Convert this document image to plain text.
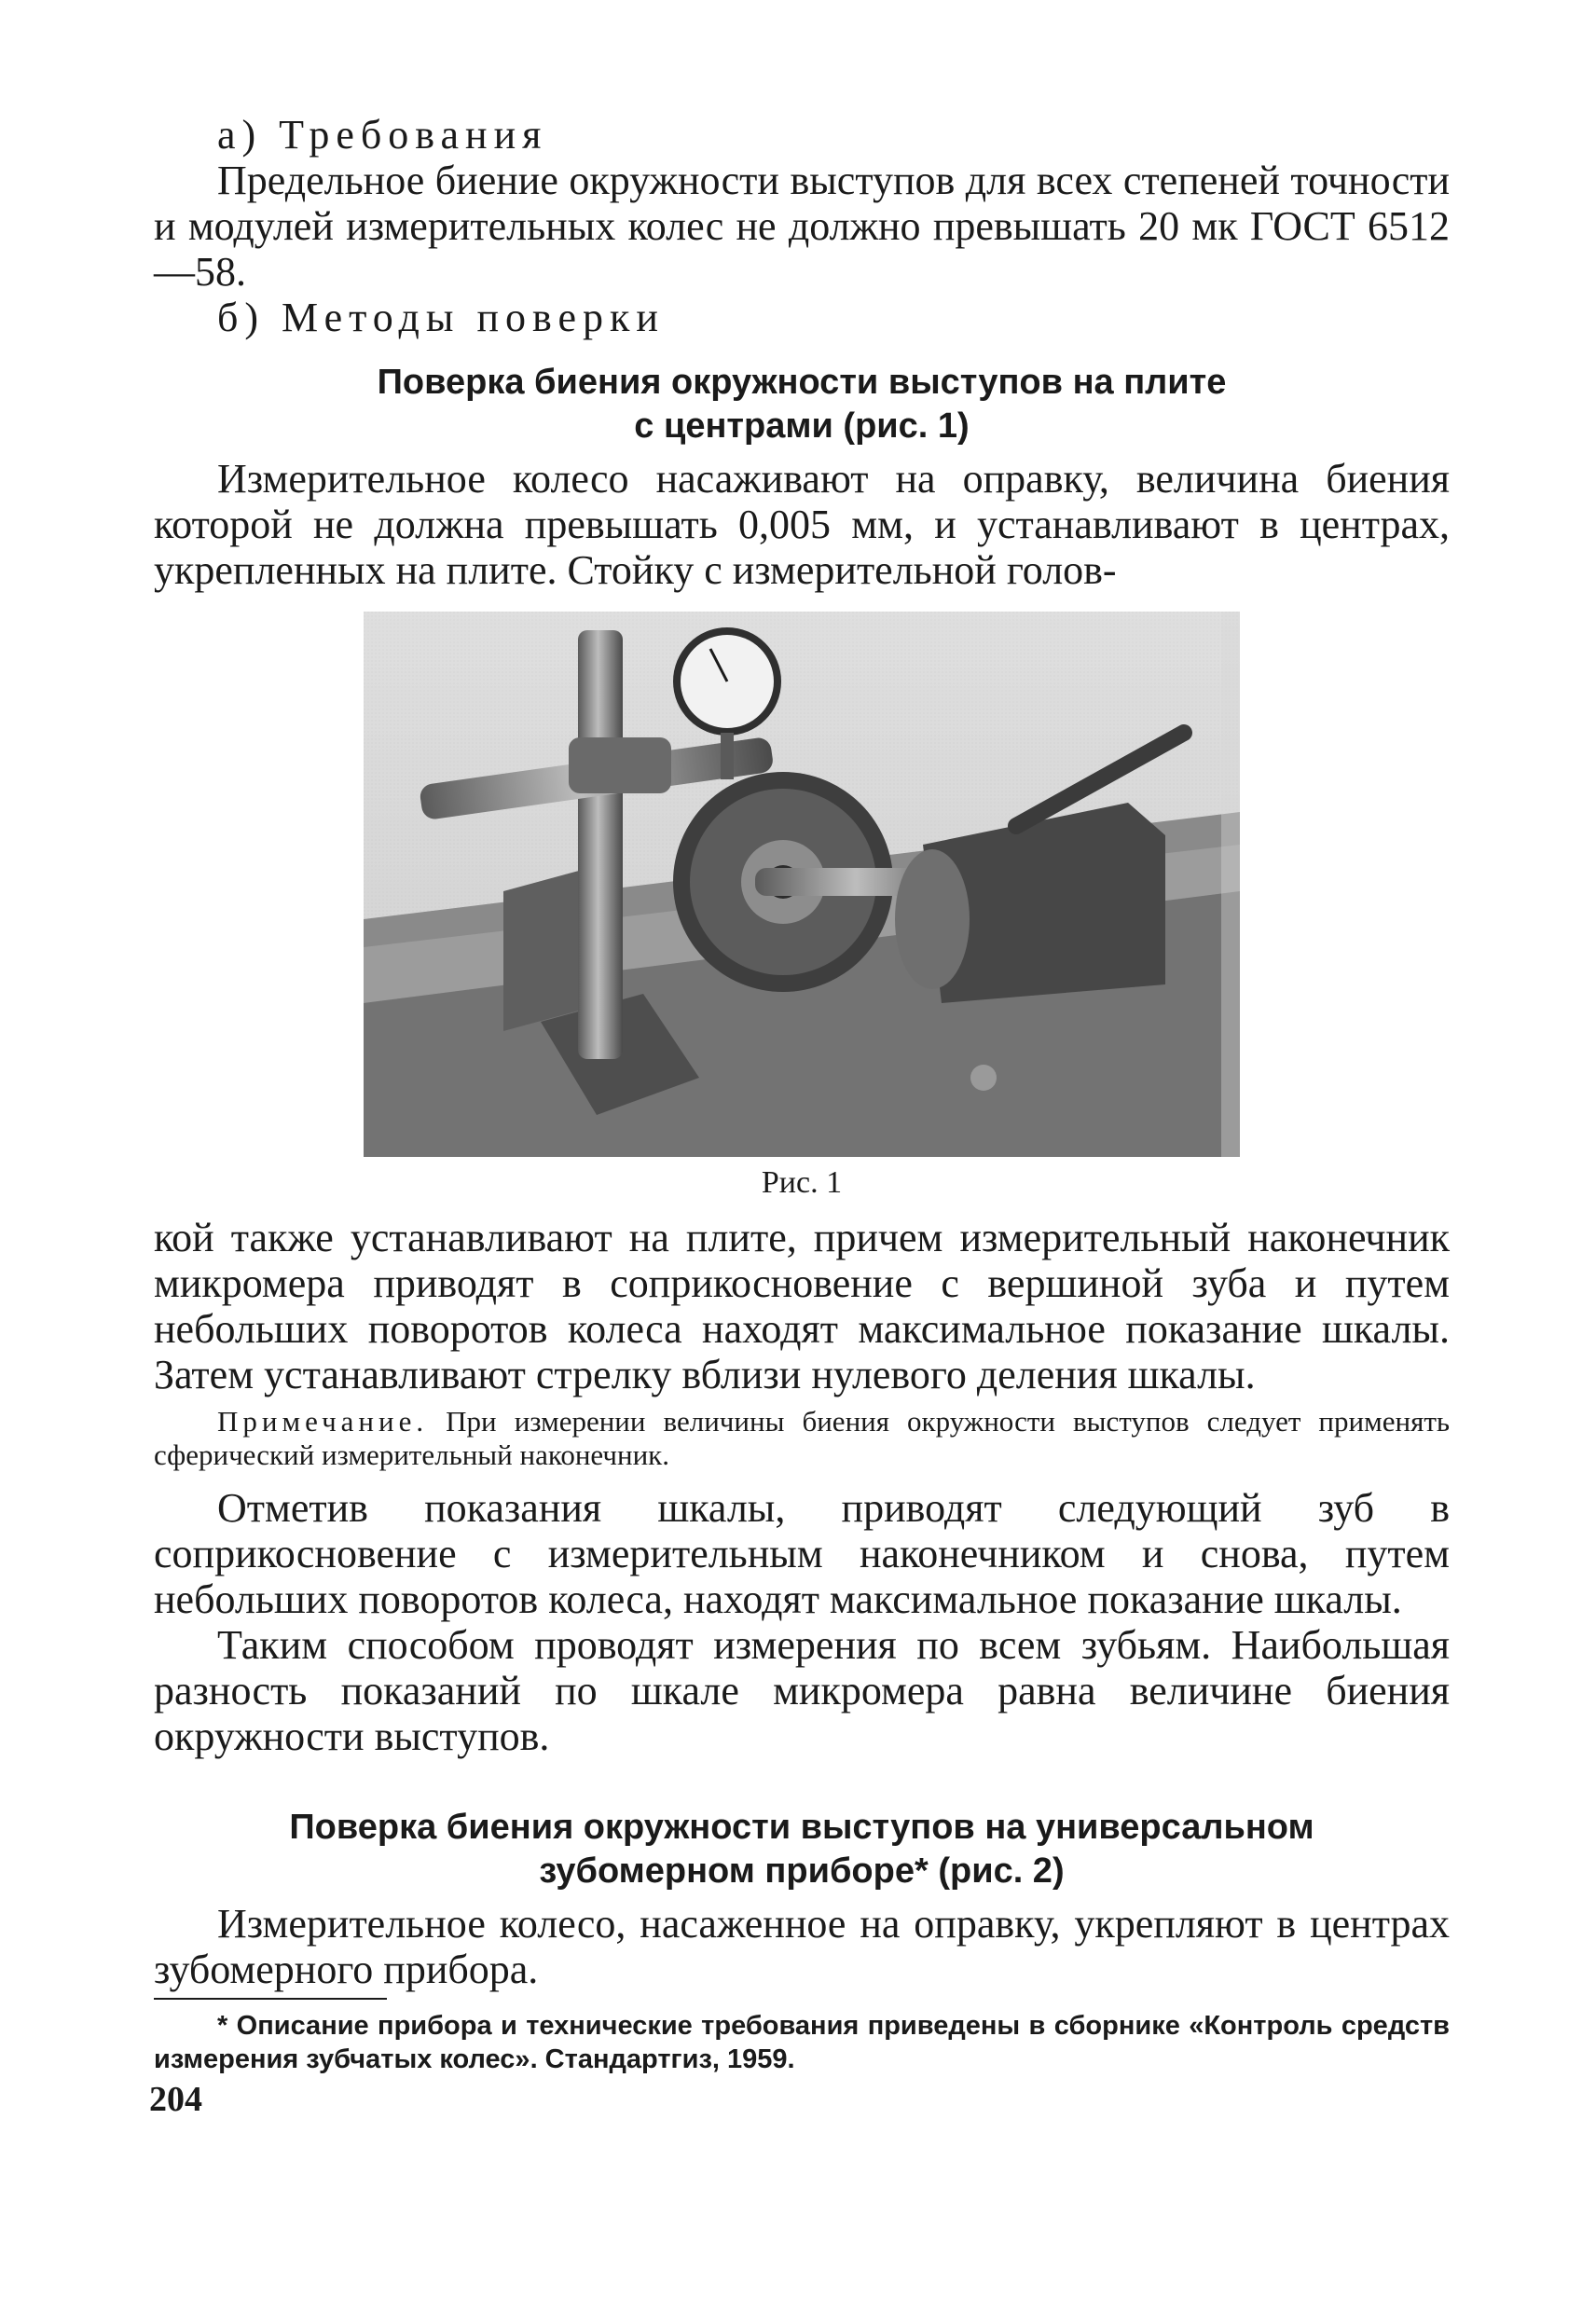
а) Требования

Предельное биение окружности выступов для всех степеней точности и модулей измерительных колес не должно превышать 20 мк ГОСТ 6512—58.

б) Методы поверки

Поверка биения окружности выступов на плите
с центрами (рис. 1)

Измерительное колесо насаживают на оправку, величина биения которой не должна превышать 0,005 мм, и устанавливают в центрах, укрепленных на плите. Стойку с измерительной голов-

Рис. 1

кой также устанавливают на плите, причем измерительный наконечник микромера приводят в соприкосновение с вершиной зуба и путем небольших поворотов колеса находят максимальное показание шкалы. Затем устанавливают стрелку вблизи нулевого деления шкалы.

Примечание. При измерении величины биения окружности выступов следует применять сферический измерительный наконечник.

Отметив показания шкалы, приводят следующий зуб в соприкосновение с измерительным наконечником и снова, путем небольших поворотов колеса, находят максимальное показание шкалы.

Таким способом проводят измерения по всем зубьям. Наибольшая разность показаний по шкале микромера равна величине биения окружности выступов.

Поверка биения окружности выступов на универсальном
зубомерном приборе* (рис. 2)

Измерительное колесо, насаженное на оправку, укрепляют в центрах зубомерного прибора.

* Описание прибора и технические требования приведены в сборнике «Контроль средств измерения зубчатых колес». Стандартгиз, 1959.

204
